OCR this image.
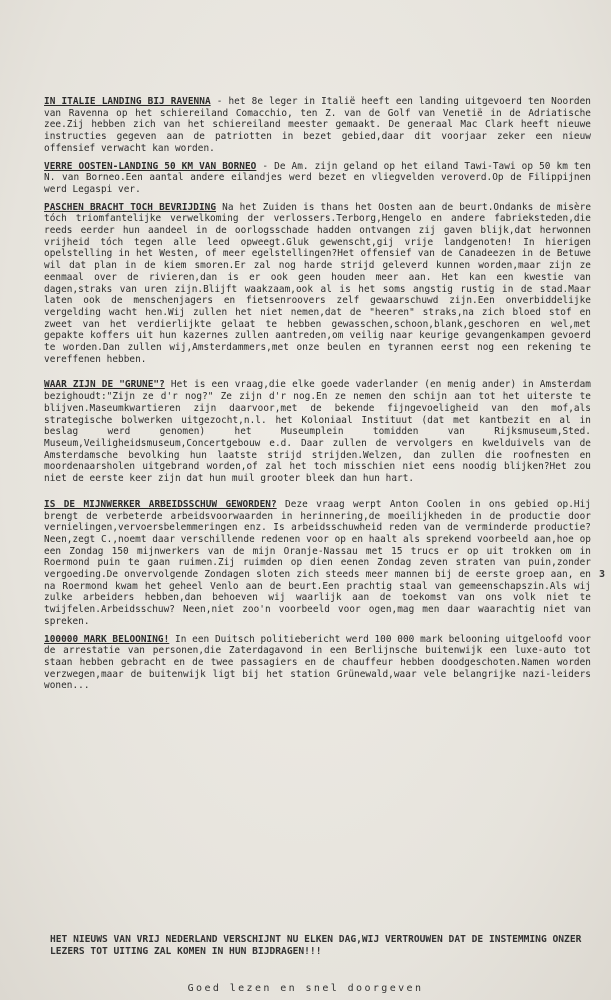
IN ITALIE LANDING BIJ RAVENNA - het 8e leger in Italië heeft een landing uitgevoerd ten Noorden van Ravenna op het schiereiland Comacchio, ten Z. van de Golf van Venetië in de Adriatische zee.Zij hebben zich van het schiereiland meester gemaakt. De generaal Mac Clark heeft nieuwe instructies gegeven aan de patriotten in bezet gebied,daar dit voorjaar zeker een nieuw offensief verwacht kan worden.

VERRE OOSTEN-LANDING 50 KM VAN BORNEO - De Am. zijn geland op het eiland Tawi-Tawi op 50 km ten N. van Borneo.Een aantal andere eilandjes werd bezet en vliegvelden veroverd.Op de Filippijnen werd Legaspi ver.

PASCHEN BRACHT TOCH BEVRIJDING Na het Zuiden is thans het Oosten aan de beurt.Ondanks de misère tóch triomfantelijke verwelkoming der verlossers.Terborg,Hengelo en andere fabrieksteden,die reeds eerder hun aandeel in de oorlogsschade hadden ontvangen zij gaven blijk,dat herwonnen vrijheid tóch tegen alle leed opweegt.Gluk gewenscht,gij vrije landgenoten! In hierigen opelstelling in het Westen, of meer egelstellingen?Het offensief van de Canadeezen in de Betuwe wil dat plan in de kiem smoren.Er zal nog harde strijd geleverd kunnen worden,maar zijn ze eenmaal over de rivieren,dan is er ook geen houden meer aan. Het kan een kwestie van dagen,straks van uren zijn.Blijft waakzaam,ook al is het soms angstig rustig in de stad.Maar laten ook de menschenjagers en fietsenroovers zelf gewaarschuwd zijn.Een onverbiddelijke vergelding wacht hen.Wij zullen het niet nemen,dat de "heeren" straks,na zich bloed stof en zweet van het verdierlijkte gelaat te hebben gewasschen,schoon,blank,geschoren en wel,met gepakte koffers uit hun kazernes zullen aantreden,om veilig naar keurige gevangenkampen gevoerd te worden.Dan zullen wij,Amsterdammers,met onze beulen en tyrannen eerst nog een rekening te vereffenen hebben.

WAAR ZIJN DE "GRUNE"? Het is een vraag,die elke goede vaderlander (en menig ander) in Amsterdam bezighoudt:"Zijn ze d'r nog?" Ze zijn d'r nog.En ze nemen den schijn aan tot het uiterste te blijven.Maseumkwartieren zijn daarvoor,met de bekende fijngevoeligheid van den mof,als strategische bolwerken uitgezocht,n.l. het Koloniaal Instituut (dat met kantbezit en al in beslag werd genomen) het Museumplein tomidden van Rijksmuseum,Sted. Museum,Veiligheidsmuseum,Concertgebouw e.d. Daar zullen de vervolgers en kwelduivels van de Amsterdamsche bevolking hun laatste strijd strijden.Welzen, dan zullen die roofnesten en moordenaarsholen uitgebrand worden,of zal het toch misschien niet eens noodig blijken?Het zou niet de eerste keer zijn dat hun muil grooter bleek dan hun hart.

IS DE MIJNWERKER ARBEIDSSCHUW GEWORDEN? Deze vraag werpt Anton Coolen in ons gebied op.Hij brengt de verbeterde arbeidsvoorwaarden in herinnering,de moeilijkheden in de productie door vernielingen,vervoersbelemmeringen enz. Is arbeidsschuwheid reden van de verminderde productie?Neen,zegt C.,noemt daar verschillende redenen voor op en haalt als sprekend voorbeeld aan,hoe op een Zondag 150 mijnwerkers van de mijn Oranje-Nassau met 15 trucs er op uit trokken om in Roermond puin te gaan ruimen.Zij ruimden op dien eenen Zondag zeven straten van puin,zonder vergoeding.De onvervolgende Zondagen sloten zich steeds meer mannen bij de eerste groep aan, en na Roermond kwam het geheel Venlo aan de beurt.Een prachtig staal van gemeenschapszin.Als wij zulke arbeiders hebben,dan behoeven wij waarlijk aan de toekomst van ons volk niet te twijfelen.Arbeidsschuw? Neen,niet zoo'n voorbeeld voor ogen,mag men daar waarachtig niet van spreken.

3

100000 MARK BELOONING! In een Duitsch politiebericht werd 100 000 mark belooning uitgeloofd voor de arrestatie van personen,die Zaterdagavond in een Berlijnsche buitenwijk een luxe-auto tot staan hebben gebracht en de twee passagiers en de chauffeur hebben doodgeschoten.Namen worden verzwegen,maar de buitenwijk ligt bij het station Grünewald,waar vele belangrijke nazi-leiders wonen...

HET NIEUWS VAN VRIJ NEDERLAND VERSCHIJNT NU ELKEN DAG,WIJ VERTROUWEN DAT DE INSTEMMING ONZER LEZERS TOT UITING ZAL KOMEN IN HUN BIJDRAGEN!!!
Goed lezen en snel doorgeven
